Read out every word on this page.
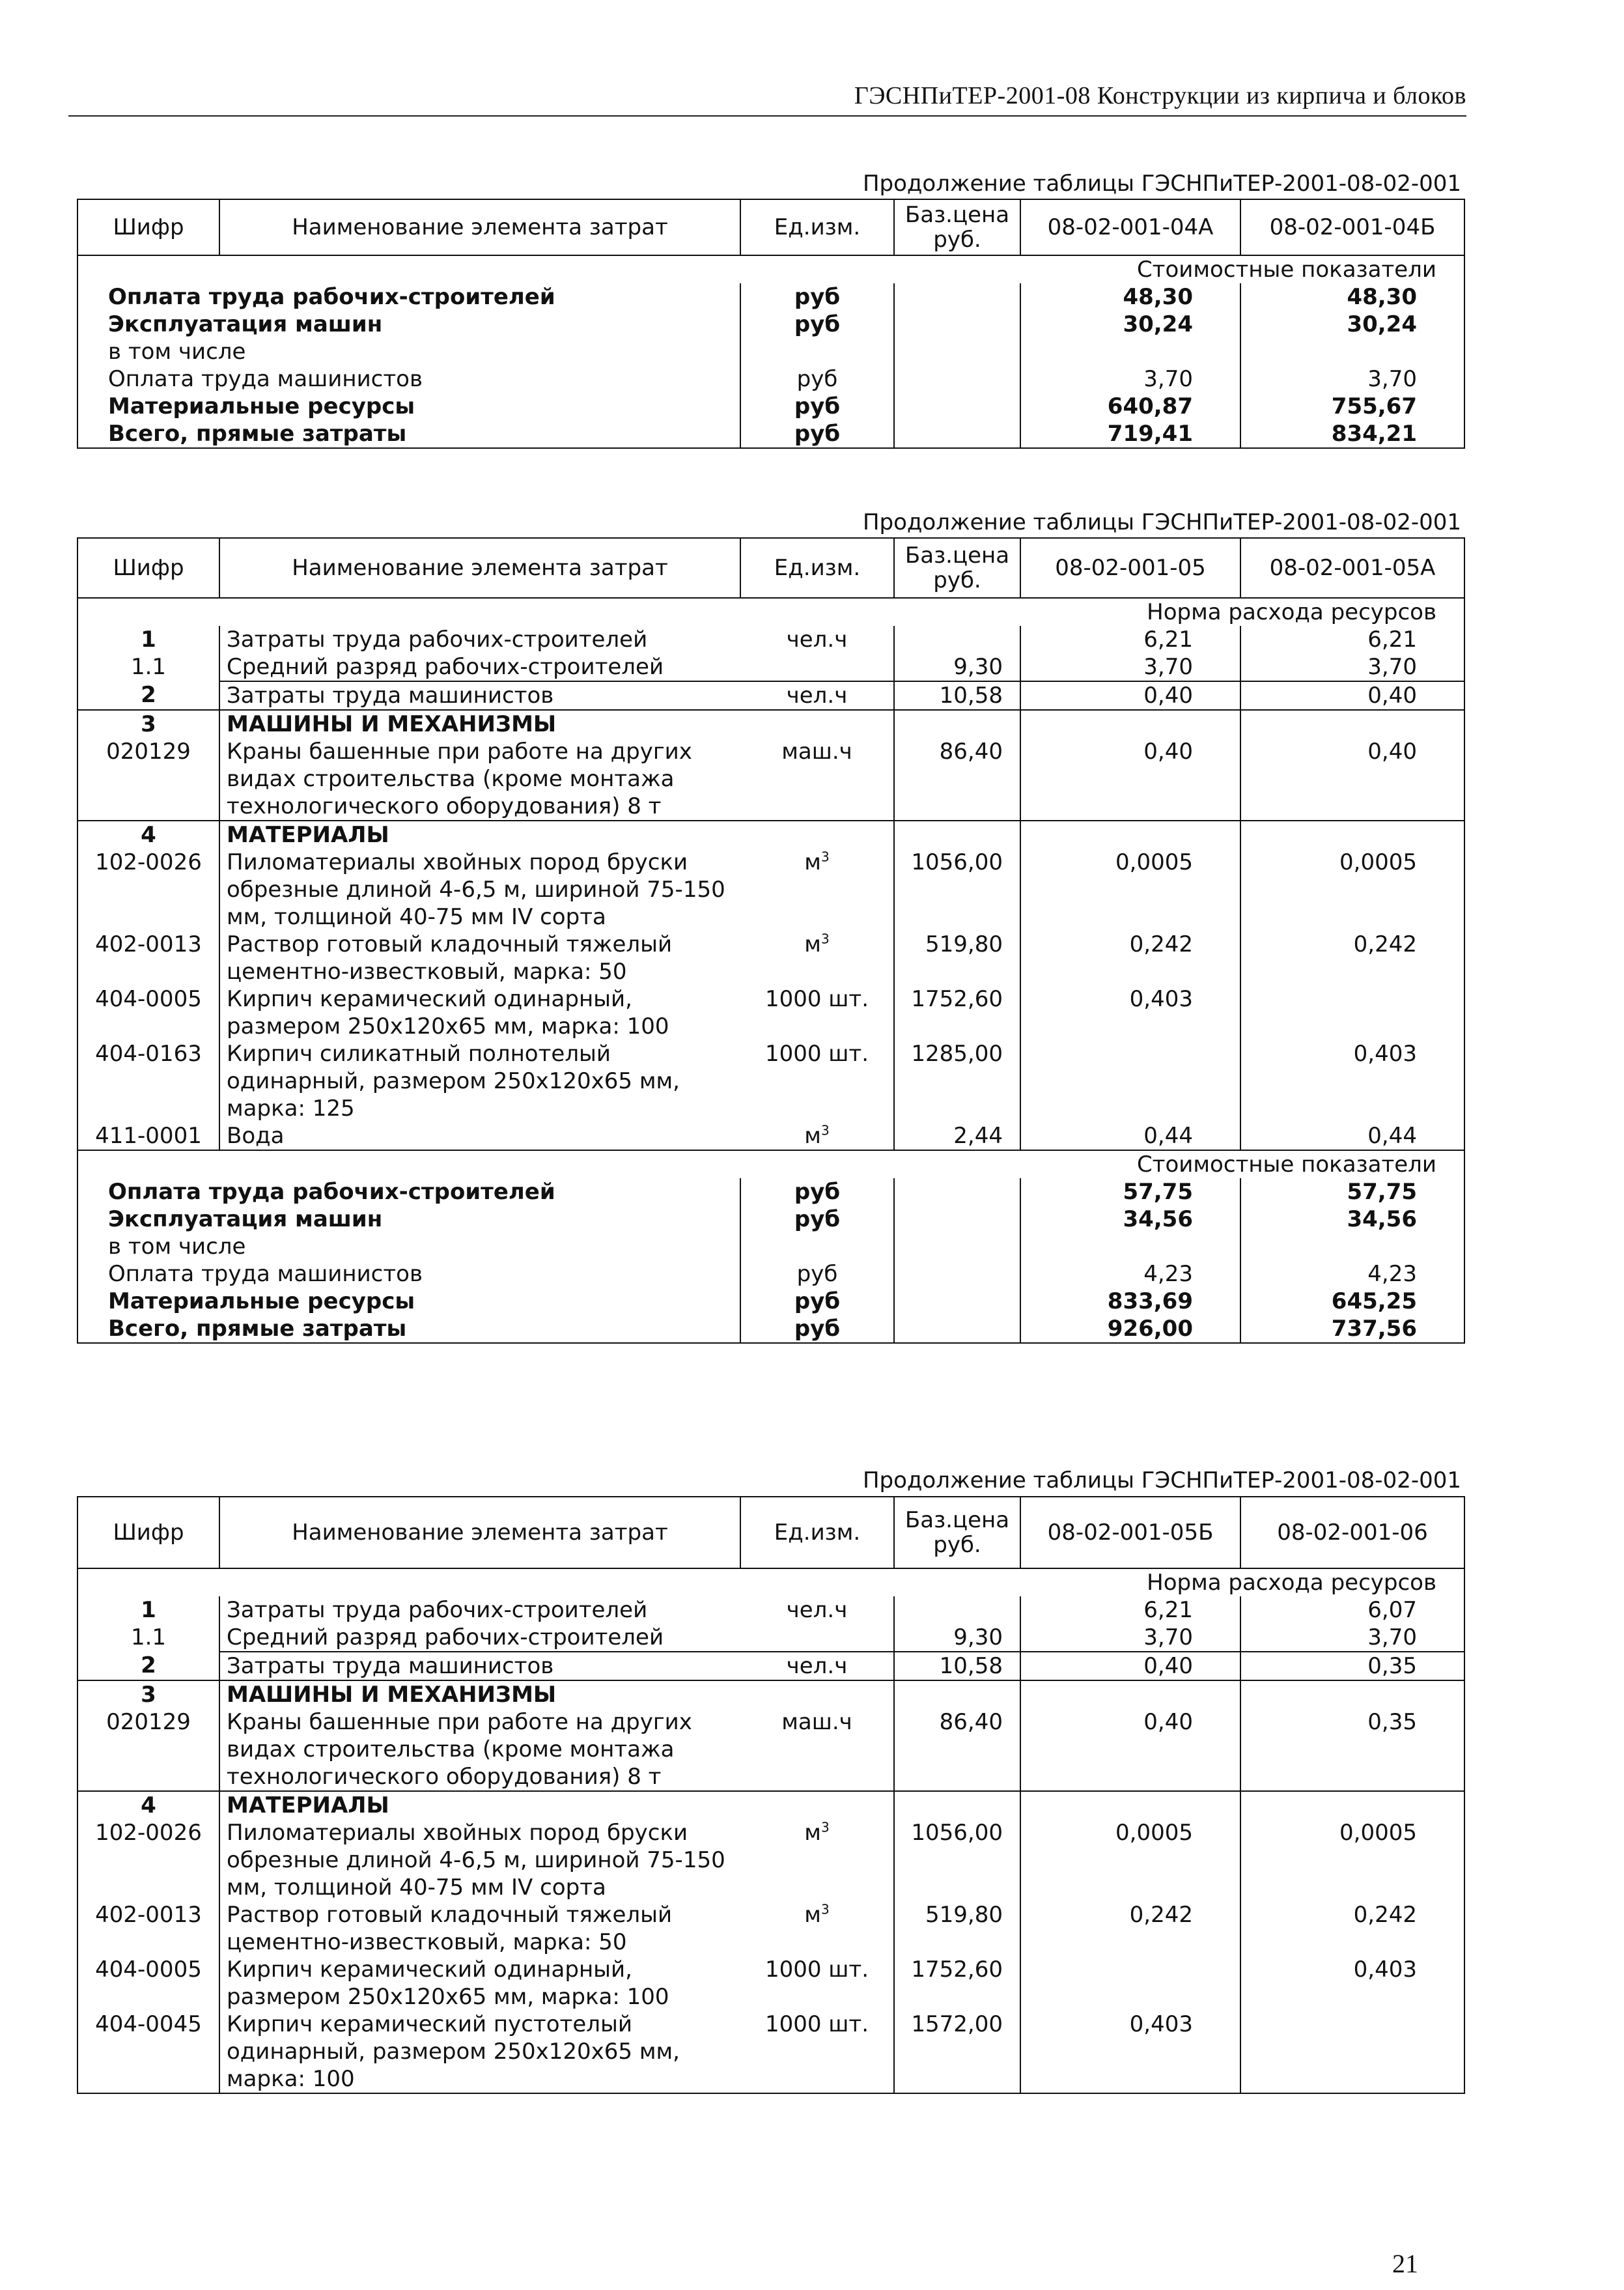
ГЭСНПиТЕР-2001-08 Конструкции из кирпича и блоков
Продолжение таблицы ГЭСНПиТЕР-2001-08-02-001
Шифр	Наименование элемента затрат	Ед.изм.	Баз.цена руб.	08-02-001-04А	08-02-001-04Б
Стоимостные показатели					
Оплата труда рабочих-строителей		руб		48,30	48,30
Эксплуатация машин		руб		30,24	30,24
в том числе					
Оплата труда машинистов		руб		3,70	3,70
Материальные ресурсы		руб		640,87	755,67
Всего, прямые затраты		руб		719,41	834,21
Продолжение таблицы ГЭСНПиТЕР-2001-08-02-001
Шифр	Наименование элемента затрат	Ед.изм.	Баз.цена руб.	08-02-001-05	08-02-001-05А
Норма расхода ресурсов					
1	Затраты труда рабочих-строителей	чел.ч		6,21	6,21
1.1	Средний разряд рабочих-строителей		9,30	3,70	3,70
2	Затраты труда машинистов	чел.ч	10,58	0,40	0,40
3	МАШИНЫ И МЕХАНИЗМЫ				
020129	Краны башенные при работе на других видах строительства (кроме монтажа технологического оборудования) 8 т	маш.ч	86,40	0,40	0,40
4	МАТЕРИАЛЫ				
102-0026	Пиломатериалы хвойных пород бруски обрезные длиной 4-6,5 м, шириной 75-150 мм, толщиной 40-75 мм IV сорта	$м^3$	1056,00	0,0005	0,0005
402-0013	Раствор готовый кладочный тяжелый цементно-известковый, марка: 50	$м^3$	519,80	0,242	0,242
404-0005	Кирпич керамический одинарный, размером 250х120х65 мм, марка: 100	1000 шт.	1752,60	0,403	
404-0163	Кирпич силикатный полнотелый одинарный, размером 250х120х65 мм, марка: 125	1000 шт.	1285,00		0,403
411-0001	Вода	$м^3$	2,44	0,44	0,44
Стоимостные показатели					
Оплата труда рабочих-строителей		руб		57,75	57,75
Эксплуатация машин		руб		34,56	34,56
в том числе					
Оплата труда машинистов		руб		4,23	4,23
Материальные ресурсы		руб		833,69	645,25
Всего, прямые затраты		руб		926,00	737,56
Продолжение таблицы ГЭСНПиТЕР-2001-08-02-001
Шифр	Наименование элемента затрат	Ед.изм.	Баз.цена руб.	08-02-001-05Б	08-02-001-06
Норма расхода ресурсов					
1	Затраты труда рабочих-строителей	чел.ч		6,21	6,07
1.1	Средний разряд рабочих-строителей		9,30	3,70	3,70
2	Затраты труда машинистов	чел.ч	10,58	0,40	0,35
3	МАШИНЫ И МЕХАНИЗМЫ				
020129	Краны башенные при работе на других видах строительства (кроме монтажа технологического оборудования) 8 т	маш.ч	86,40	0,40	0,35
4	МАТЕРИАЛЫ				
102-0026	Пиломатериалы хвойных пород бруски обрезные длиной 4-6,5 м, шириной 75-150 мм, толщиной 40-75 мм IV сорта	$м^3$	1056,00	0,0005	0,0005
402-0013	Раствор готовый кладочный тяжелый цементно-известковый, марка: 50	$м^3$	519,80	0,242	0,242
404-0005	Кирпич керамический одинарный, размером 250х120х65 мм, марка: 100	1000 шт.	1752,60		0,403
404-0045	Кирпич керамический пустотелый одинарный, размером 250х120х65 мм, марка: 100	1000 шт.	1572,00	0,403	
21
